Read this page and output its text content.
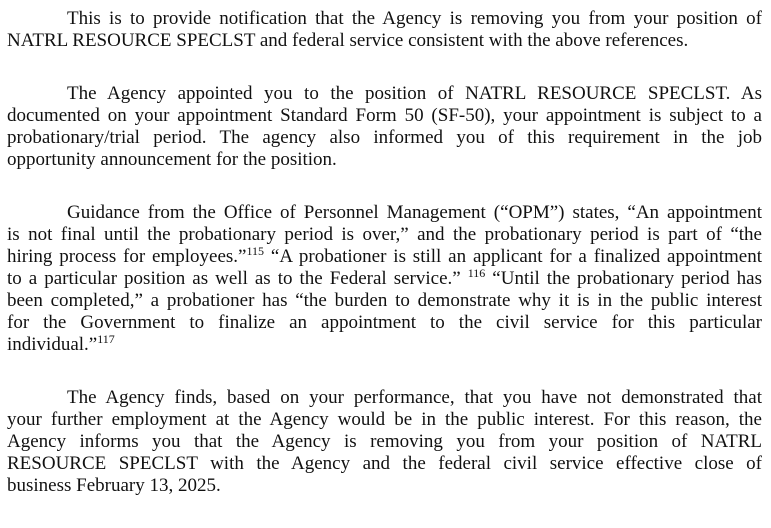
This is to provide notification that the Agency is removing you from your position of
NATRL RESOURCE SPECLST and federal service consistent with the above references.
The Agency appointed you to the position of NATRL RESOURCE SPECLST. As
documented on your appointment Standard Form 50 (SF-50), your appointment is subject to a
probationary/trial period. The agency also informed you of this requirement in the job
opportunity announcement for the position.
Guidance from the Office of Personnel Management (“OPM”) states, “An appointment
is not final until the probationary period is over,” and the probationary period is part of “the
hiring process for employees.”$^{115}$ “A probationer is still an applicant for a finalized appointment
to a particular position as well as to the Federal service.” $^{116}$ “Until the probationary period has
been completed,” a probationer has “the burden to demonstrate why it is in the public interest
for the Government to finalize an appointment to the civil service for this particular
individual.”$^{117}$
The Agency finds, based on your performance, that you have not demonstrated that
your further employment at the Agency would be in the public interest. For this reason, the
Agency informs you that the Agency is removing you from your position of NATRL
RESOURCE SPECLST with the Agency and the federal civil service effective close of
business February 13, 2025.
